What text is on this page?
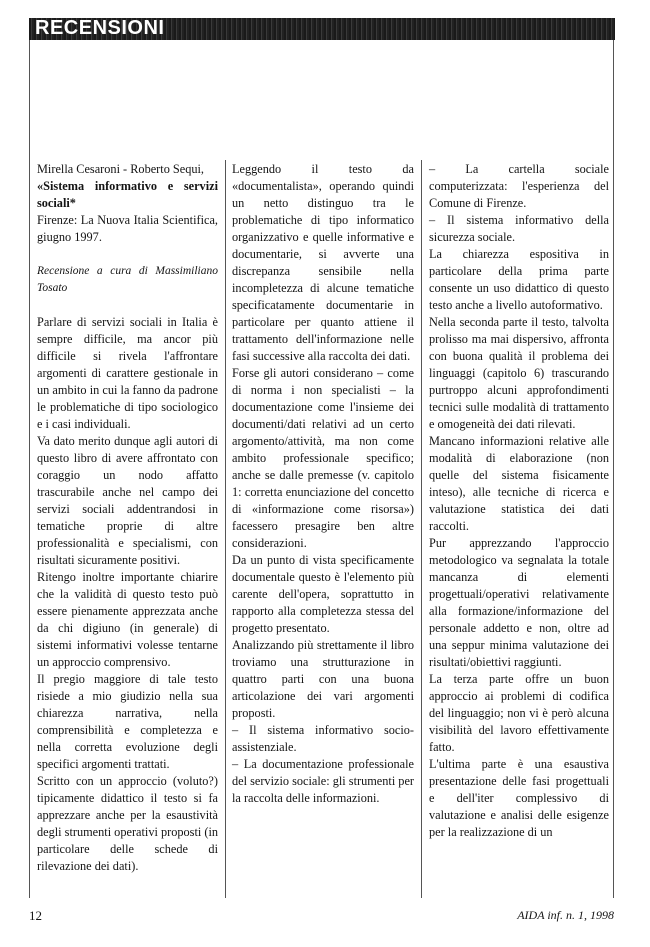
RECENSIONI

Mirella Cesaroni - Roberto Sequi,

«Sistema informativo e servizi sociali*

Firenze: La Nuova Italia Scientifica, giugno 1997.

Recensione a cura di Massimiliano Tosato

Parlare di servizi sociali in Italia è sempre difficile, ma ancor più difficile si rivela l'affrontare argomenti di carattere gestionale in un ambito in cui la fanno da padrone le problematiche di tipo sociologico e i casi individuali.

Va dato merito dunque agli autori di questo libro di avere affrontato con coraggio un nodo affatto trascurabile anche nel campo dei servizi sociali addentrandosi in tematiche proprie di altre professionalità e specialismi, con risultati sicuramente positivi.

Ritengo inoltre importante chiarire che la validità di questo testo può essere pienamente apprezzata anche da chi digiuno (in generale) di sistemi informativi volesse tentarne un approccio comprensivo.

Il pregio maggiore di tale testo risiede a mio giudizio nella sua chiarezza narrativa, nella comprensibilità e completezza e nella corretta evoluzione degli specifici argomenti trattati.

Scritto con un approccio (voluto?) tipicamente didattico il testo si fa apprezzare anche per la esaustività degli strumenti operativi proposti (in particolare delle schede di rilevazione dei dati).

Leggendo il testo da «documentalista», operando quindi un netto distinguo tra le problematiche di tipo informatico organizzativo e quelle informative e documentarie, si avverte una discrepanza sensibile nella incompletezza di alcune tematiche specificatamente documentarie in particolare per quanto attiene il trattamento dell'informazione nelle fasi successive alla raccolta dei dati.

Forse gli autori considerano – come di norma i non specialisti – la documentazione come l'insieme dei documenti/dati relativi ad un certo argomento/attività, ma non come ambito professionale specifico; anche se dalle premesse (v. capitolo 1: corretta enunciazione del concetto di «informazione come risorsa») facessero presagire ben altre considerazioni.

Da un punto di vista specificamente documentale questo è l'elemento più carente dell'opera, soprattutto in rapporto alla completezza stessa del progetto presentato.

Analizzando più strettamente il libro troviamo una strutturazione in quattro parti con una buona articolazione dei vari argomenti proposti.

– Il sistema informativo socio-assistenziale.

– La documentazione professionale del servizio sociale: gli strumenti per la raccolta delle informazioni.

– La cartella sociale computerizzata: l'esperienza del Comune di Firenze.

– Il sistema informativo della sicurezza sociale.

La chiarezza espositiva in particolare della prima parte consente un uso didattico di questo testo anche a livello autoformativo.

Nella seconda parte il testo, talvolta prolisso ma mai dispersivo, affronta con buona qualità il problema dei linguaggi (capitolo 6) trascurando purtroppo alcuni approfondimenti tecnici sulle modalità di trattamento e omogeneità dei dati rilevati.

Mancano informazioni relative alle modalità di elaborazione (non quelle del sistema fisicamente inteso), alle tecniche di ricerca e valutazione statistica dei dati raccolti.

Pur apprezzando l'approccio metodologico va segnalata la totale mancanza di elementi progettuali/operativi relativamente alla formazione/informazione del personale addetto e non, oltre ad una seppur minima valutazione dei risultati/obiettivi raggiunti.

La terza parte offre un buon approccio ai problemi di codifica del linguaggio; non vi è però alcuna visibilità del lavoro effettivamente fatto.

L'ultima parte è una esaustiva presentazione delle fasi progettuali e dell'iter complessivo di valutazione e analisi delle esigenze per la realizzazione di un

12	AIDA inf. n. 1, 1998
